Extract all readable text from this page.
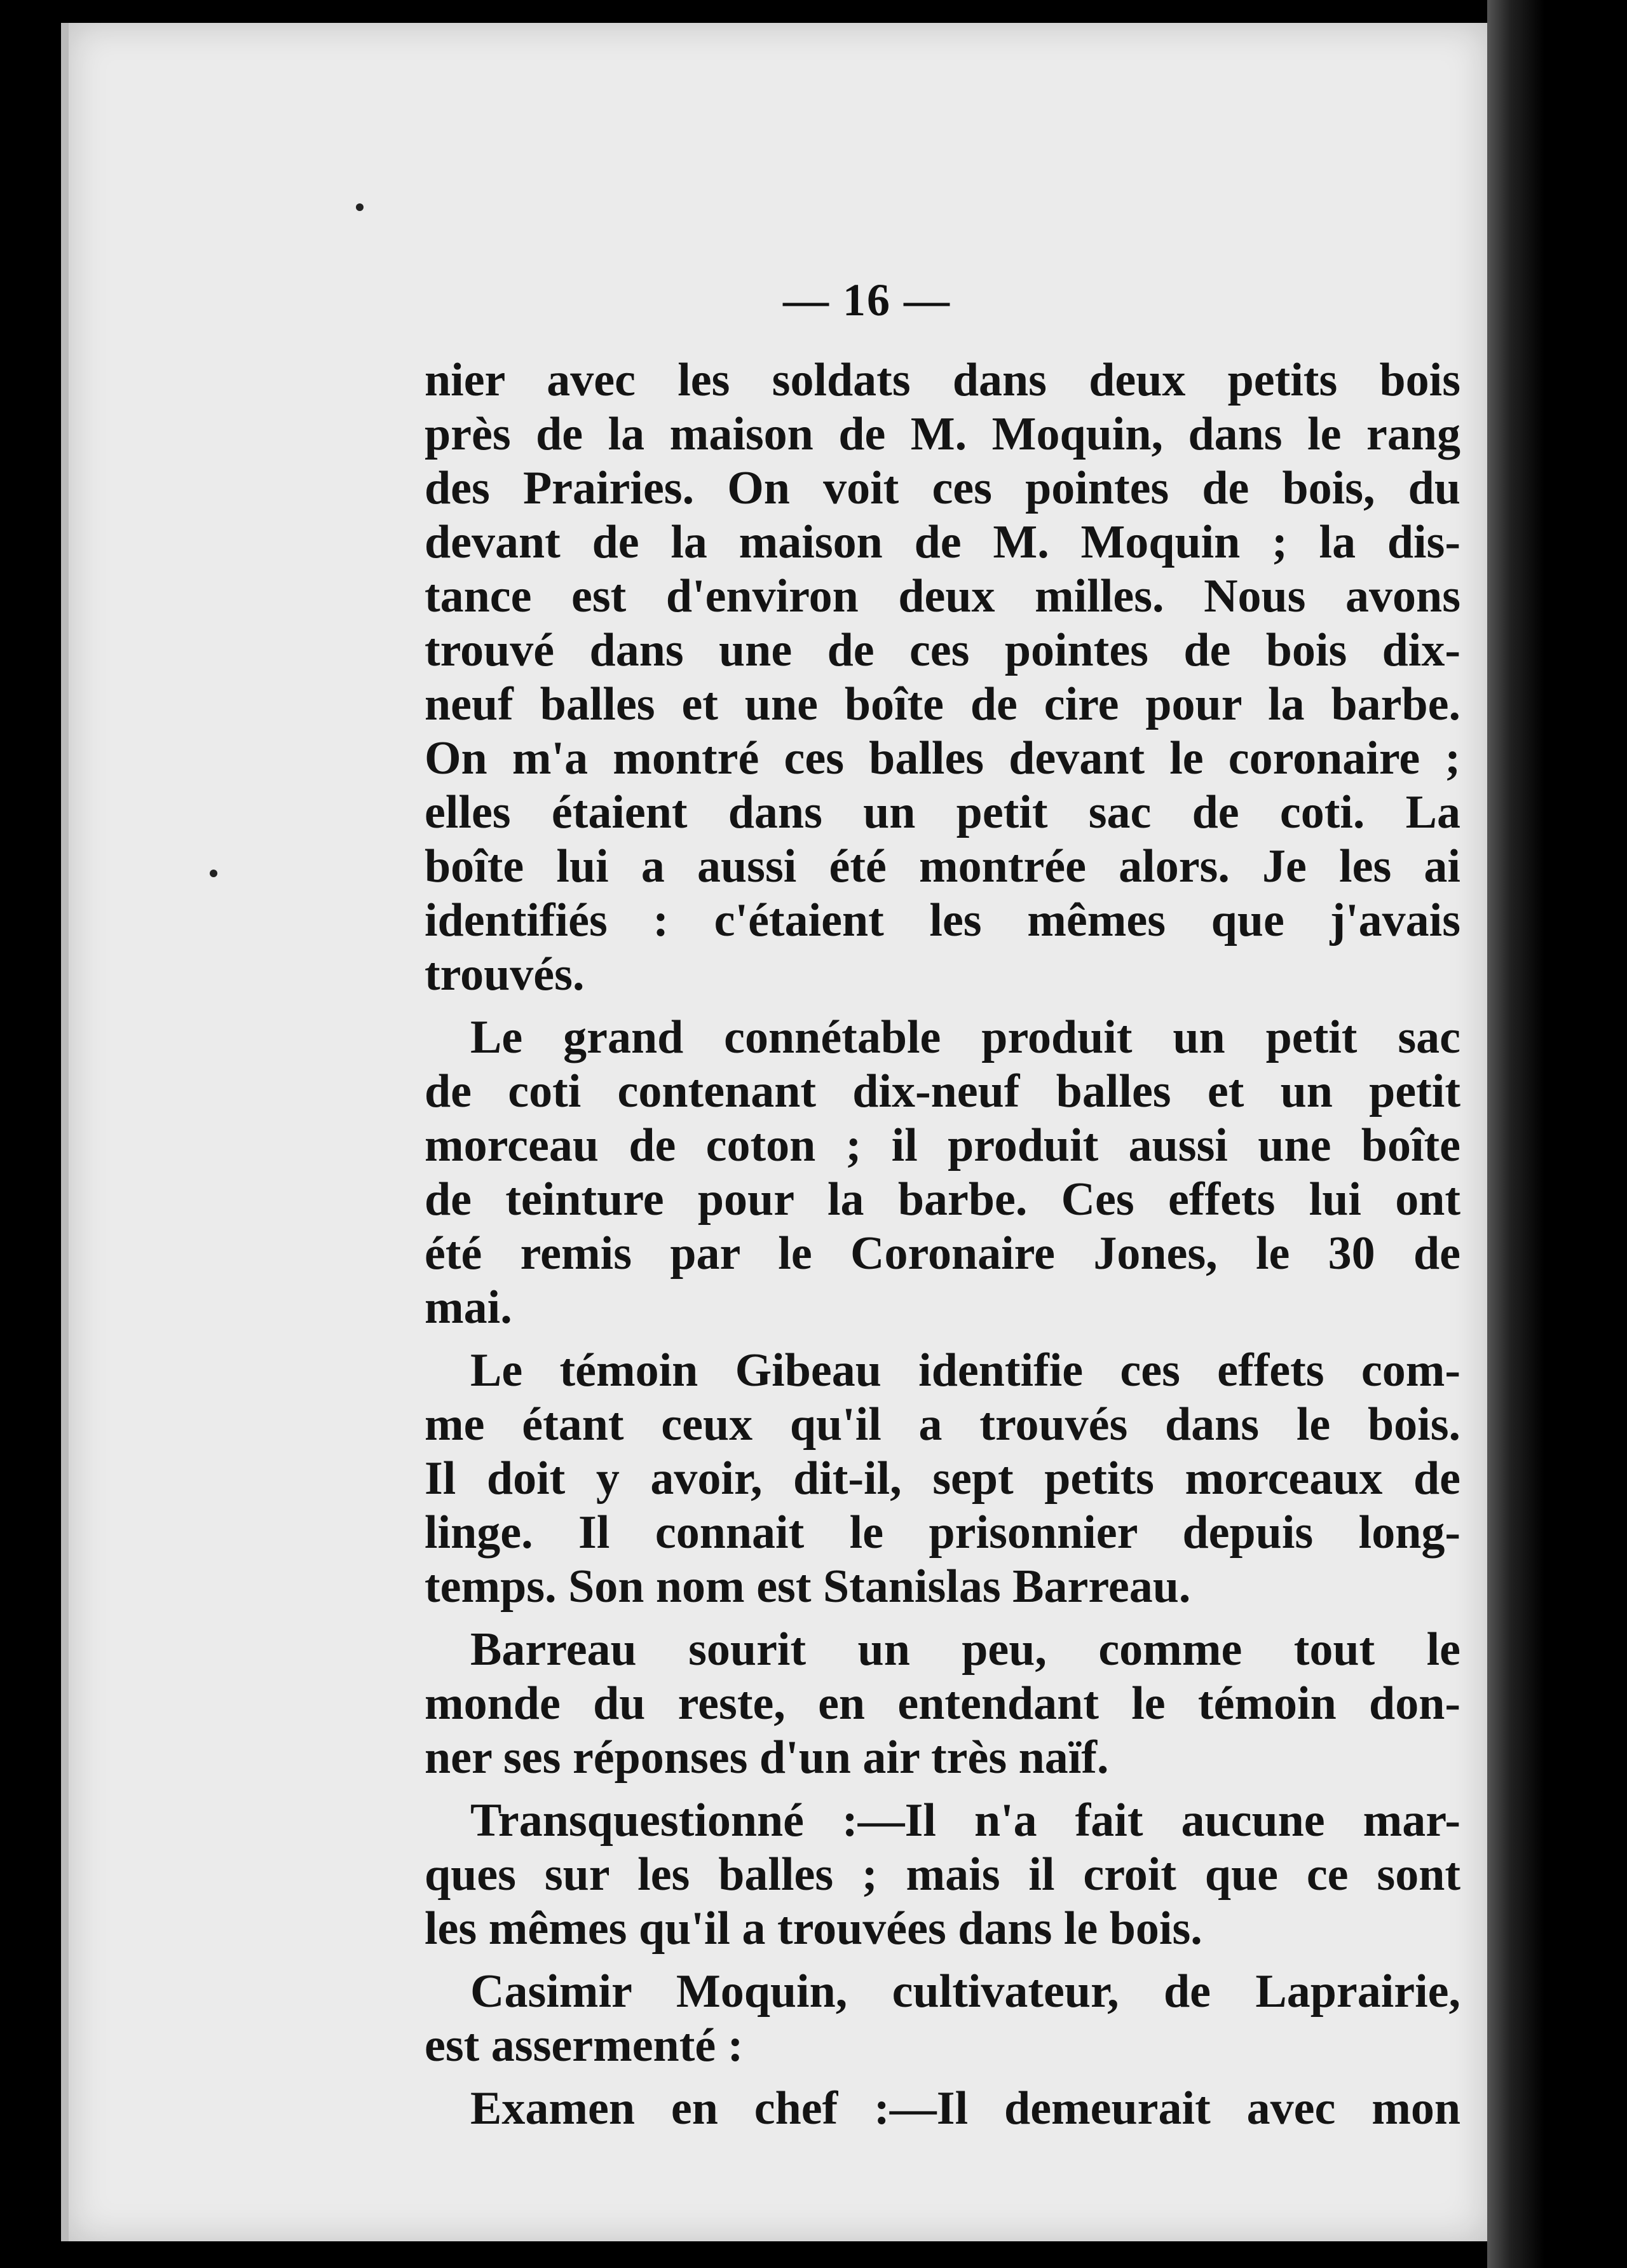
— 16 —
nier avec les soldats dans deux petits bois
près de la maison de M. Moquin, dans le rang
des Prairies. On voit ces pointes de bois, du
devant de la maison de M. Moquin ; la dis-
tance est d'environ deux milles. Nous avons
trouvé dans une de ces pointes de bois dix-
neuf balles et une boîte de cire pour la barbe.
On m'a montré ces balles devant le coronaire ;
elles étaient dans un petit sac de coti. La
boîte lui a aussi été montrée alors. Je les ai
identifiés : c'étaient les mêmes que j'avais
trouvés.
Le grand connétable produit un petit sac
de coti contenant dix-neuf balles et un petit
morceau de coton ; il produit aussi une boîte
de teinture pour la barbe. Ces effets lui ont
été remis par le Coronaire Jones, le 30 de
mai.
Le témoin Gibeau identifie ces effets com-
me étant ceux qu'il a trouvés dans le bois.
Il doit y avoir, dit-il, sept petits morceaux de
linge. Il connait le prisonnier depuis long-
temps. Son nom est Stanislas Barreau.
Barreau sourit un peu, comme tout le
monde du reste, en entendant le témoin don-
ner ses réponses d'un air très naïf.
Transquestionné :—Il n'a fait aucune mar-
ques sur les balles ; mais il croit que ce sont
les mêmes qu'il a trouvées dans le bois.
Casimir Moquin, cultivateur, de Laprairie,
est assermenté :
Examen en chef :—Il demeurait avec mon
